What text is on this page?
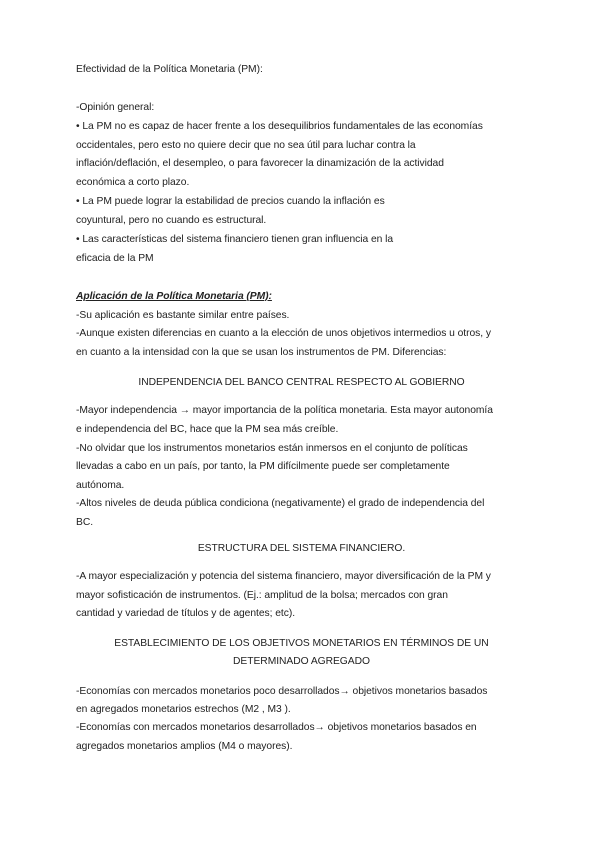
Efectividad de la Política Monetaria (PM):
-Opinión general:
• La PM no es capaz de hacer frente a los desequilibrios fundamentales de las economías
occidentales, pero esto no quiere decir que no sea útil para luchar contra la
inflación/deflación, el desempleo, o para favorecer la dinamización de la actividad
económica a corto plazo.
• La PM puede lograr la estabilidad de precios cuando la inflación es
coyuntural, pero no cuando es estructural.
• Las características del sistema financiero tienen gran influencia en la
eficacia de la PM
Aplicación de la Política Monetaria (PM):
-Su aplicación es bastante similar entre países.
-Aunque existen diferencias en cuanto a la elección de unos objetivos intermedios u otros, y
en cuanto a la intensidad con la que se usan los instrumentos de PM. Diferencias:
INDEPENDENCIA DEL BANCO CENTRAL RESPECTO AL GOBIERNO
-Mayor independencia → mayor importancia de la política monetaria. Esta mayor autonomía
e independencia del BC, hace que la PM sea más creíble.
-No olvidar que los instrumentos monetarios están inmersos en el conjunto de políticas
llevadas a cabo en un país, por tanto, la PM difícilmente puede ser completamente
autónoma.
-Altos niveles de deuda pública condiciona (negativamente) el grado de independencia del
BC.
ESTRUCTURA DEL SISTEMA FINANCIERO.
-A mayor especialización y potencia del sistema financiero, mayor diversificación de la PM y
mayor sofisticación de instrumentos. (Ej.: amplitud de la bolsa; mercados con gran
cantidad y variedad de títulos y de agentes; etc).
ESTABLECIMIENTO DE LOS OBJETIVOS MONETARIOS EN TÉRMINOS DE UN
DETERMINADO AGREGADO
-Economías con mercados monetarios poco desarrollados→ objetivos monetarios basados
en agregados monetarios estrechos (M2 , M3 ).
-Economías con mercados monetarios desarrollados→ objetivos monetarios basados en
agregados monetarios amplios (M4 o mayores).
